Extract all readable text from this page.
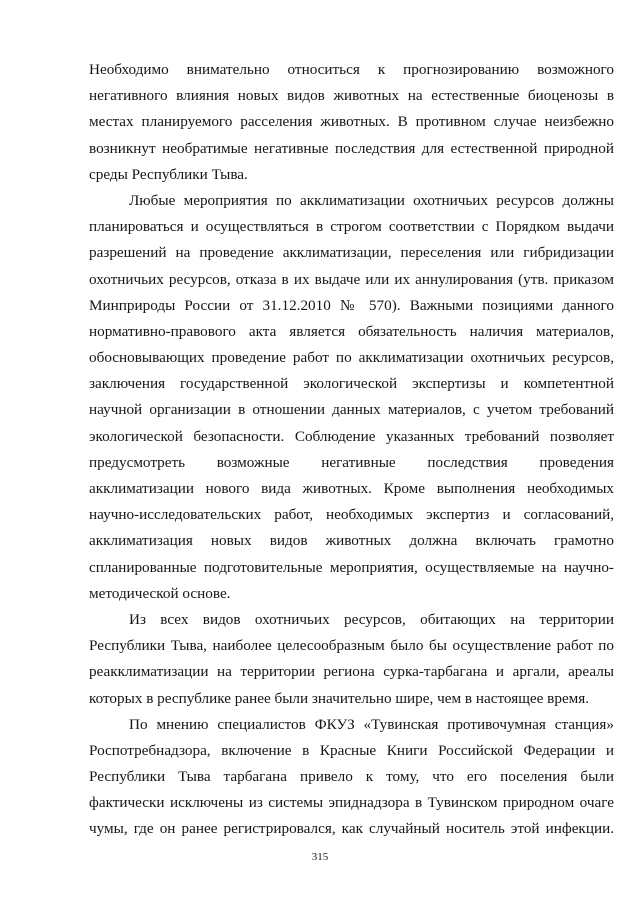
Необходимо внимательно относиться к прогнозированию возможного
негативного влияния новых видов животных на естественные биоценозы в
местах планируемого расселения животных. В противном случае неизбежно
возникнут необратимые негативные последствия для естественной природной
среды Республики Тыва.
Любые мероприятия по акклиматизации охотничьих ресурсов должны
планироваться и осуществляться в строгом соответствии с Порядком выдачи
разрешений на проведение акклиматизации, переселения или гибридизации
охотничьих ресурсов, отказа в их выдаче или их аннулирования (утв. приказом
Минприроды России от 31.12.2010 № 570). Важными позициями данного
нормативно-правового акта является обязательность наличия материалов,
обосновывающих проведение работ по акклиматизации охотничьих ресурсов,
заключения государственной экологической экспертизы и компетентной
научной организации в отношении данных материалов, с учетом требований
экологической безопасности. Соблюдение указанных требований позволяет
предусмотреть возможные негативные последствия проведения
акклиматизации нового вида животных. Кроме выполнения необходимых
научно-исследовательских работ, необходимых экспертиз и согласований,
акклиматизация новых видов животных должна включать грамотно
спланированные подготовительные мероприятия, осуществляемые на научно-
методической основе.
Из всех видов охотничьих ресурсов, обитающих на территории
Республики Тыва, наиболее целесообразным было бы осуществление работ по
реакклиматизации на территории региона сурка-тарбагана и аргали, ареалы
которых в республике ранее были значительно шире, чем в настоящее время.
По мнению специалистов ФКУЗ «Тувинская противочумная станция»
Роспотребнадзора, включение в Красные Книги Российской Федерации и
Республики Тыва тарбагана привело к тому, что его поселения были
фактически исключены из системы эпиднадзора в Тувинском природном очаге
чумы, где он ранее регистрировался, как случайный носитель этой инфекции.
315
